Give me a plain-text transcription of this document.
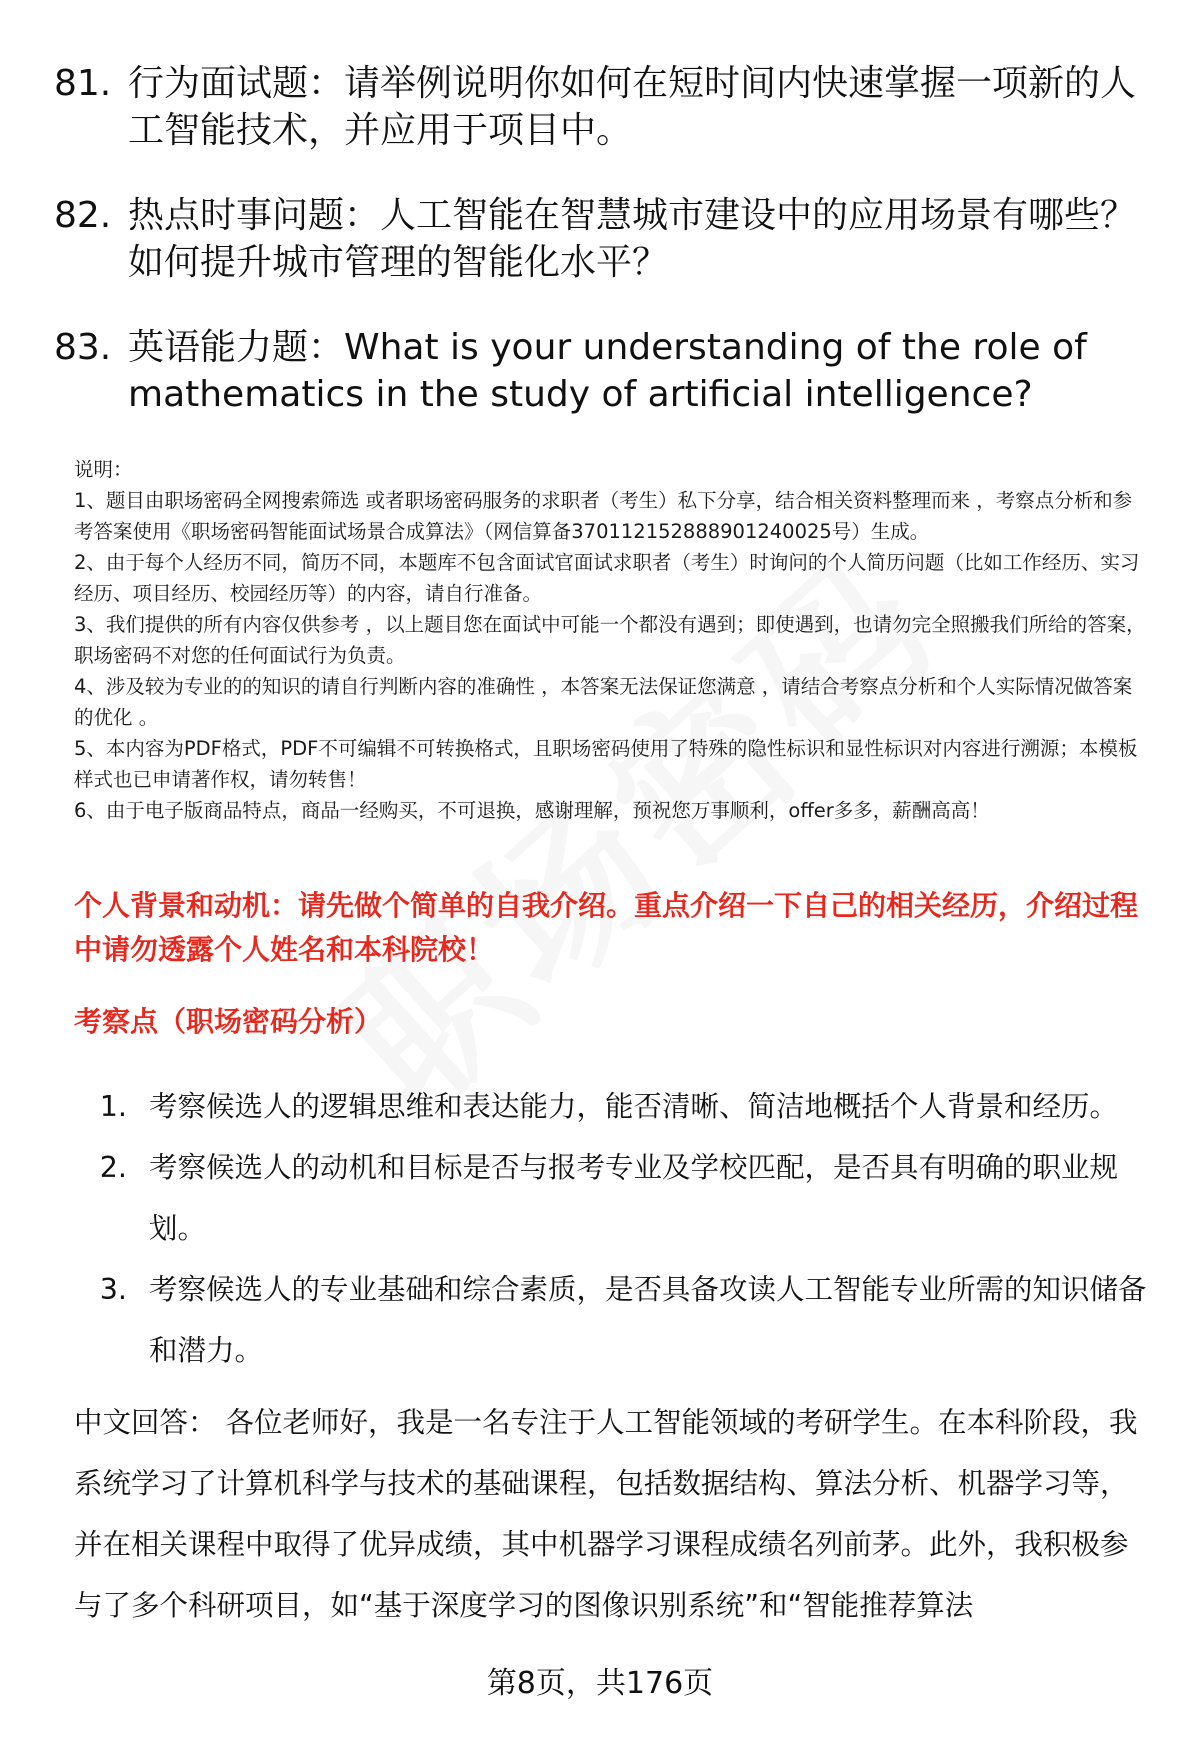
81. 行为面试题：请举例说明你如何在短时间内快速掌握一项新的人工智能技术，并应用于项目中。
82. 热点时事问题：人工智能在智慧城市建设中的应用场景有哪些？如何提升城市管理的智能化水平？
83. 英语能力题：What is your understanding of the role of mathematics in the study of artificial intelligence?

说明：

1、题目由职场密码全网搜索筛选 或者职场密码服务的求职者（考生）私下分享，结合相关资料整理而来 ，考察点分析和参考答案使用《职场密码智能面试场景合成算法》（网信算备370112152888901240025号）生成。

2、由于每个人经历不同，简历不同，本题库不包含面试官面试求职者（考生）时询问的个人简历问题（比如工作经历、实习经历、项目经历、校园经历等）的内容，请自行准备。

3、我们提供的所有内容仅供参考 ，以上题目您在面试中可能一个都没有遇到；即使遇到，也请勿完全照搬我们所给的答案，职场密码不对您的任何面试行为负责。

4、涉及较为专业的的知识的请自行判断内容的准确性 ，本答案无法保证您满意 ，请结合考察点分析和个人实际情况做答案的优化 。

5、本内容为PDF格式，PDF不可编辑不可转换格式，且职场密码使用了特殊的隐性标识和显性标识对内容进行溯源；本模板样式也已申请著作权，请勿转售！

6、由于电子版商品特点，商品一经购买，不可退换，感谢理解，预祝您万事顺利，offer多多，薪酬高高！

个人背景和动机：请先做个简单的自我介绍。重点介绍一下自己的相关经历，介绍过程中请勿透露个人姓名和本科院校！
考察点（职场密码分析）
1. 考察候选人的逻辑思维和表达能力，能否清晰、简洁地概括个人背景和经历。
2. 考察候选人的动机和目标是否与报考专业及学校匹配，是否具有明确的职业规划。
3. 考察候选人的专业基础和综合素质，是否具备攻读人工智能专业所需的知识储备和潜力。
中文回答： 各位老师好，我是一名专注于人工智能领域的考研学生。在本科阶段，我系统学习了计算机科学与技术的基础课程，包括数据结构、算法分析、机器学习等，并在相关课程中取得了优异成绩，其中机器学习课程成绩名列前茅。此外，我积极参与了多个科研项目，如“基于深度学习的图像识别系统”和“智能推荐算法
第8页，共176页
